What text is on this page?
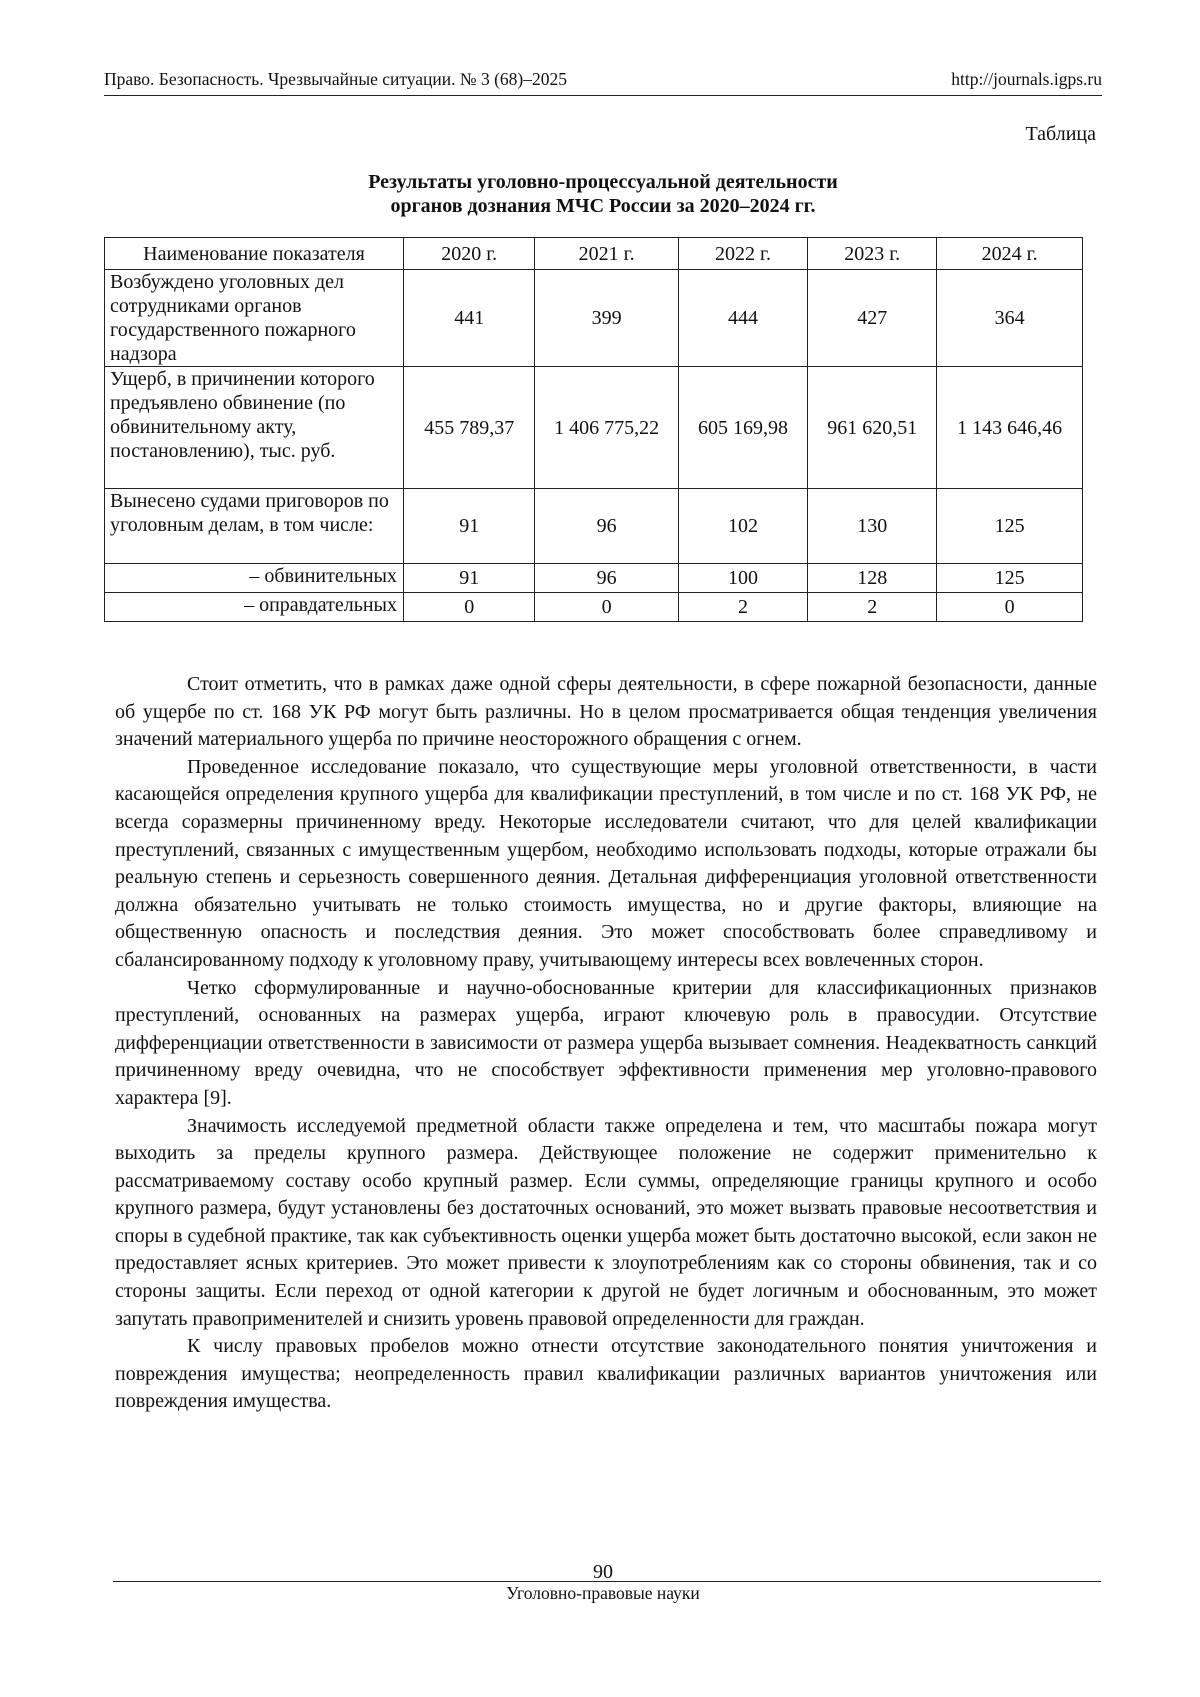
Право. Безопасность. Чрезвычайные ситуации. № 3 (68)–2025	http://journals.igps.ru
Таблица
Результаты уголовно-процессуальной деятельности
органов дознания МЧС России за 2020–2024 гг.
Наименование показателя	2020 г.	2021 г.	2022 г.	2023 г.	2024 г.
Возбуждено уголовных дел сотрудниками органов государственного пожарного надзора	441	399	444	427	364
Ущерб, в причинении которого предъявлено обвинение (по обвинительному акту, постановлению), тыс. руб.	455 789,37	1 406 775,22	605 169,98	961 620,51	1 143 646,46
Вынесено судами приговоров по уголовным делам, в том числе:	91	96	102	130	125
– обвинительных	91	96	100	128	125
– оправдательных	0	0	2	2	0

Стоит отметить, что в рамках даже одной сферы деятельности, в сфере пожарной безопасности, данные об ущербе по ст. 168 УК РФ могут быть различны. Но в целом просматривается общая тенденция увеличения значений материального ущерба по причине неосторожного обращения с огнем.

Проведенное исследование показало, что существующие меры уголовной ответственности, в части касающейся определения крупного ущерба для квалификации преступлений, в том числе и по ст. 168 УК РФ, не всегда соразмерны причиненному вреду. Некоторые исследователи считают, что для целей квалификации преступлений, связанных с имущественным ущербом, необходимо использовать подходы, которые отражали бы реальную степень и серьезность совершенного деяния. Детальная дифференциация уголовной ответственности должна обязательно учитывать не только стоимость имущества, но и другие факторы, влияющие на общественную опасность и последствия деяния. Это может способствовать более справедливому и сбалансированному подходу к уголовному праву, учитывающему интересы всех вовлеченных сторон.

Четко сформулированные и научно-обоснованные критерии для классификационных признаков преступлений, основанных на размерах ущерба, играют ключевую роль в правосудии. Отсутствие дифференциации ответственности в зависимости от размера ущерба вызывает сомнения. Неадекватность санкций причиненному вреду очевидна, что не способствует эффективности применения мер уголовно-правового характера [9].

Значимость исследуемой предметной области также определена и тем, что масштабы пожара могут выходить за пределы крупного размера. Действующее положение не содержит применительно к рассматриваемому составу особо крупный размер. Если суммы, определяющие границы крупного и особо крупного размера, будут установлены без достаточных оснований, это может вызвать правовые несоответствия и споры в судебной практике, так как субъективность оценки ущерба может быть достаточно высокой, если закон не предоставляет ясных критериев. Это может привести к злоупотреблениям как со стороны обвинения, так и со стороны защиты. Если переход от одной категории к другой не будет логичным и обоснованным, это может запутать правоприменителей и снизить уровень правовой определенности для граждан.

К числу правовых пробелов можно отнести отсутствие законодательного понятия уничтожения и повреждения имущества; неопределенность правил квалификации различных вариантов уничтожения или повреждения имущества.

90
Уголовно-правовые науки
